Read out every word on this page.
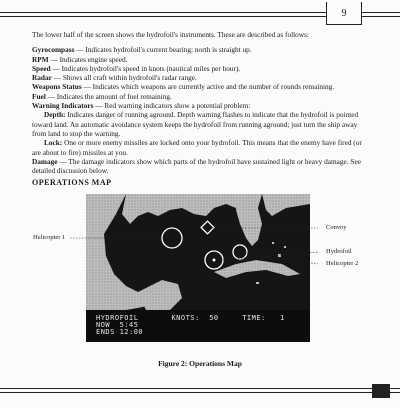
9

The lower half of the screen shows the hydrofoil's instruments. These are described as follows:

Gyrocompass — Indicates hydrofoil's current bearing; north is straight up.

RPM — Indicates engine speed.

Speed — Indicates hydrofoil's speed in knots (nautical miles per hour).

Radar — Shows all craft within hydrofoil's radar range.

Weapons Status — Indicates which weapons are currently active and the number of rounds remaining.

Fuel — Indicates the amount of fuel remaining.

Warning Indicators — Red warning indicators show a potential problem:

Depth: Indicates danger of running aground. Depth warning flashes to indicate that the hydrofoil is pointed toward land. An automatic avoidance system keeps the hydrofoil from running aground; just turn the ship away from land to stop the warning.

Lock: One or more enemy missiles are locked onto your hydrofoil. This means that the enemy have fired (or are about to fire) missiles at you.

Damage — The damage indicators show which parts of the hydrofoil have sustained light or heavy damage. See detailed discussion below.

OPERATIONS MAP
HYDROFOIL	KNOTS: 50	TIME: 1
NOW 5:45
ENDS 12:00
Helicopter 1
Convoy
Hydrofoil
Helicopter 2
Figure 2: Operations Map
